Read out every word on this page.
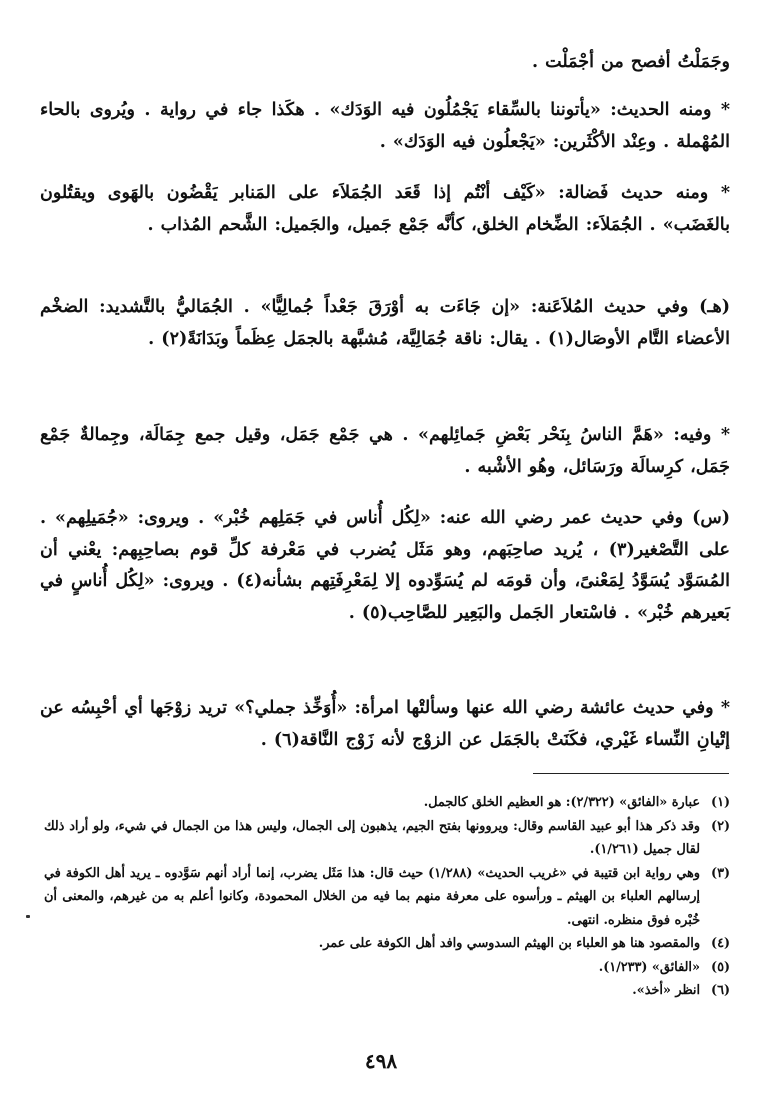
وجَمَلْتُ أفصح من أجْمَلْت .

* ومنه الحديث: «يأتوننا بالسِّقاء يَجْمُلُون فيه الوَدَك» . هكَذا جاء في رواية . ويُروى بالحاء المُهْملة . وعِنْد الأكْثَرين: «يَجْعلُون فيه الوَدَك» .

* ومنه حديث فَضالة: «كَيْف أنْتُم إذا قَعَد الجُمَلاَء على المَنابر يَقْضُون بالهَوى ويقتُلون بالغَضَب» . الجُمَلاَء: الضِّخام الخلق، كأنَّه جَمْع جَميل، والجَميل: الشَّحم المُذاب .

(هـ) وفي حديث المُلاَعَنة: «إن جَاءَت به أوْرَقَ جَعْداً جُمالِيًّا» . الجُمَاليُّ بالتَّشديد: الضخْم الأعضاء التَّام الأوصَال(١) . يقال: ناقة جُمَالِيَّة، مُشبَّهة بالجمَل عِظَماً وبَدَانَةً(٢) .

* وفيه: «هَمَّ الناسُ بِنَحْر بَعْضِ جَمائِلهم» . هي جَمْع جَمَل، وقيل جمع جِمَالَة، وجِمالةٌ جَمْع جَمَل، كرِسالَة ورَسَائل، وهُو الأشْبه .

(س) وفي حديث عمر رضي الله عنه: «لِكُل أُناس في جَمَلِهم خُبْر» . ويروى: «جُمَيلِهم» . على التَّصْغير(٣) ، يُريد صاحِبَهم، وهو مَثَل يُضرب في مَعْرفة كلِّ قوم بصاحِبِهم: يعْني أن المُسَوَّد يُسَوَّدُ لِمَعْنىً، وأن قومَه لم يُسَوِّدوه إلا لِمَعْرِفَتِهم بشأنه(٤) . ويروى: «لِكُل أُناسٍ في بَعيرهم خُبْر» . فاسْتعار الجَمل والبَعِير للصَّاحِب(٥) .

* وفي حديث عائشة رضي الله عنها وسألتْها امرأة: «أُوَخِّذ جملي؟» تريد زوْجَها أي أحْبِسُه عن إتْيانِ النِّساء غَيْري، فكَنَتْ بالجَمَل عن الزوْج لأنه زَوْج النَّاقة(٦) .

(١)
عبارة «الفائق» (٢/٣٢٢): هو العظيم الخلق كالجمل.
(٢)
وقد ذكر هذا أبو عبيد القاسم وقال: ويروونها بفتح الجيم، يذهبون إلى الجمال، وليس هذا من الجمال في شيء، ولو أراد ذلك لقال جميل (١/٢٦١).
(٣)
وهي رواية ابن قتيبة في «غريب الحديث» (١/٢٨٨) حيث قال: هذا مَثَل يضرب، إنما أراد أنهم سَوَّدوه ـ يريد أهل الكوفة في إرسالهم العلباء بن الهيثم ـ ورأسوه على معرفة منهم بما فيه من الخلال المحمودة، وكانوا أعلم به من غيرهم، والمعنى أن خُبْره فوق منظره. انتهى.
(٤)
والمقصود هنا هو العلباء بن الهيثم السدوسي وافد أهل الكوفة على عمر.
(٥)
«الفائق» (١/٢٣٣).
(٦)
انظر «أخذ».
٤٩٨
